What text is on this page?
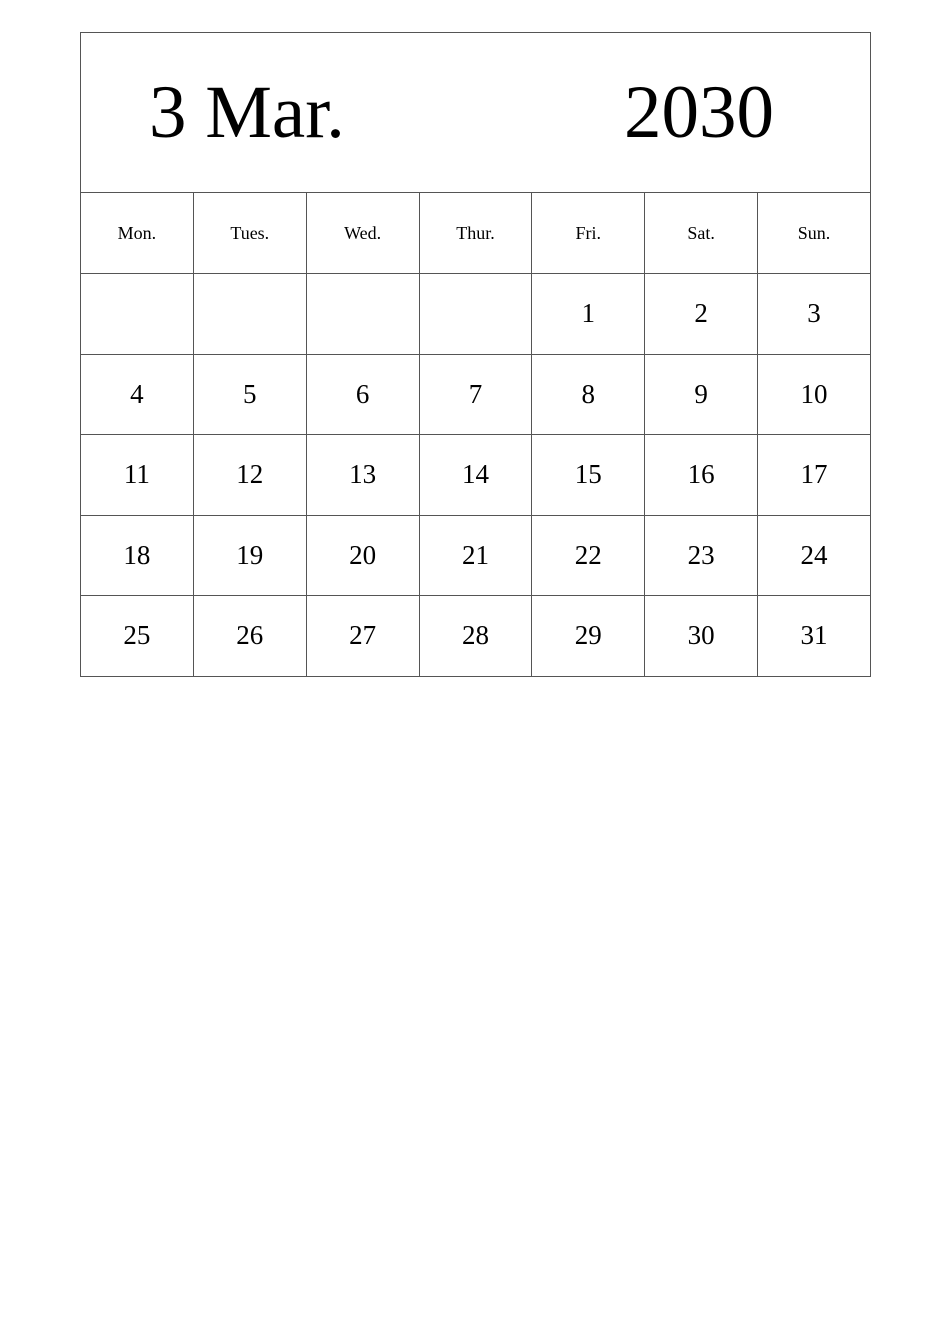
3 Mar. 2030						

Mon.	Tues.	Wed.	Thur.	Fri.	Sat.	Sun.
				1	2	3
4	5	6	7	8	9	10
11	12	13	14	15	16	17
18	19	20	21	22	23	24
25	26	27	28	29	30	31
